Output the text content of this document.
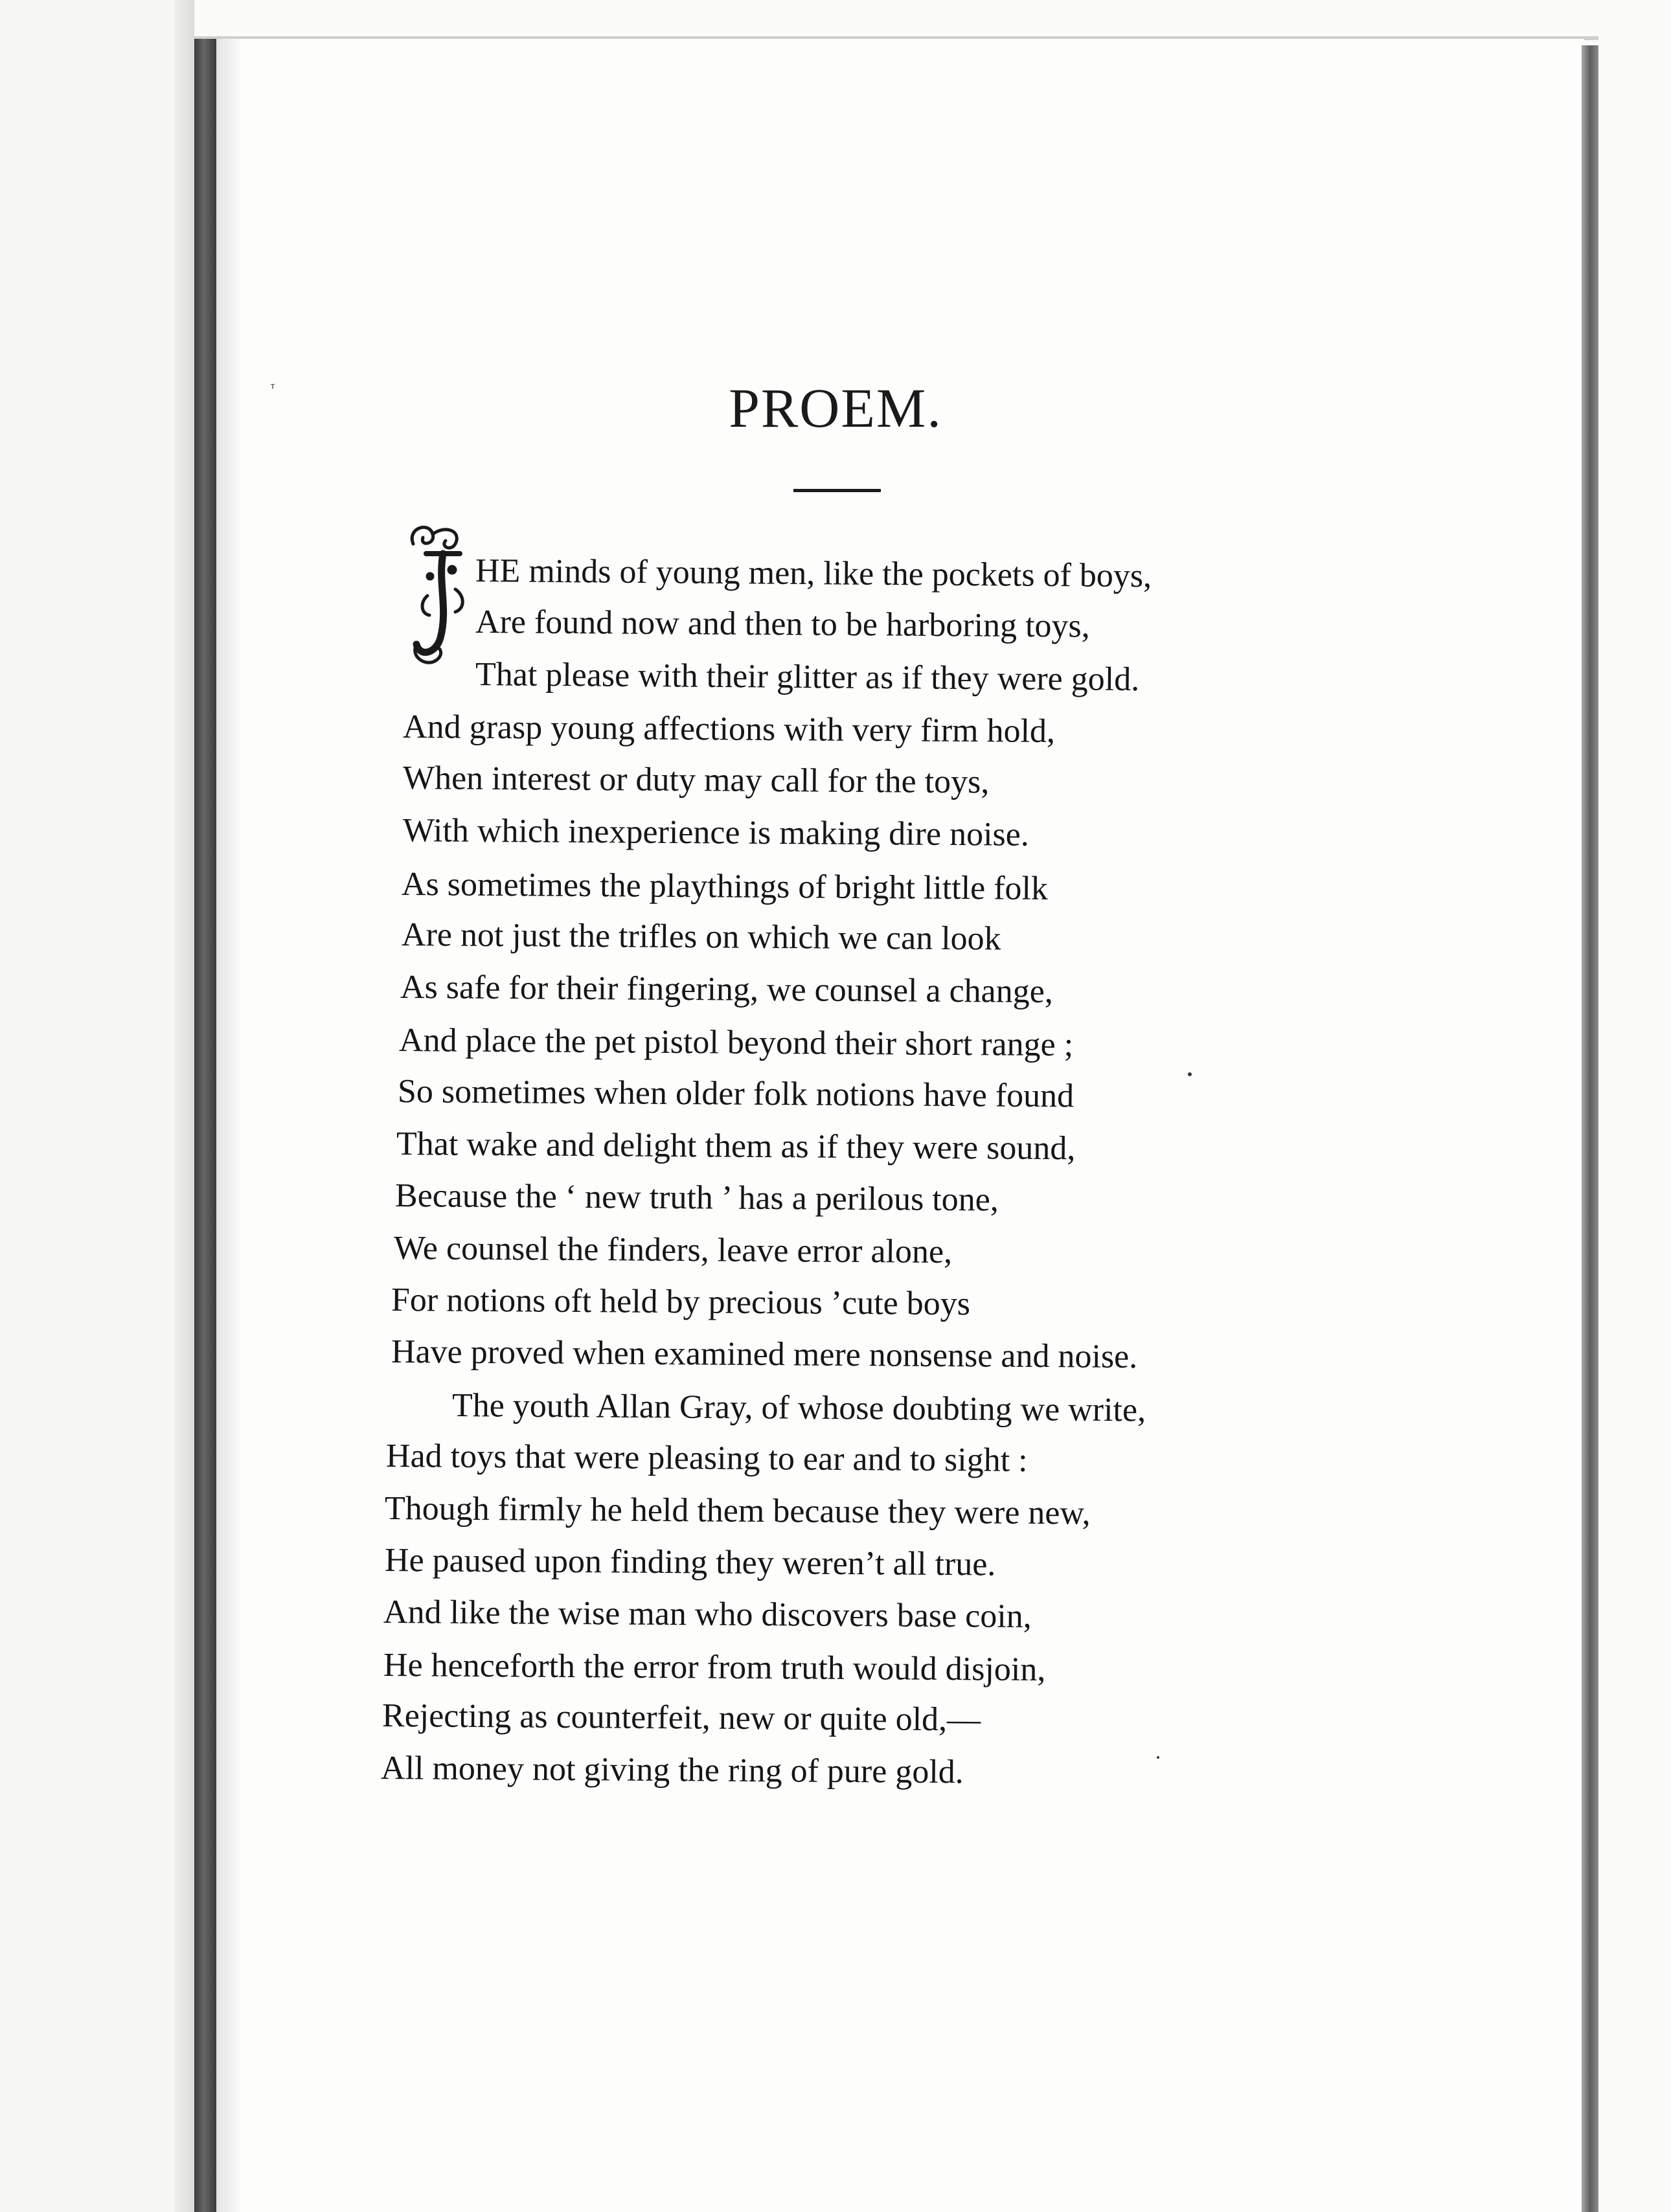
PROEM.
T
HE minds of young men, like the pockets of boys,
Are found now and then to be harboring toys,
That please with their glitter as if they were gold.
And grasp young affections with very firm hold,
When interest or duty may call for the toys,
With which inexperience is making dire noise.
As sometimes the playthings of bright little folk
Are not just the trifles on which we can look
As safe for their fingering, we counsel a change,
And place the pet pistol beyond their short range ;
So sometimes when older folk notions have found
That wake and delight them as if they were sound,
Because the ‘ new truth ’ has a perilous tone,
We counsel the finders, leave error alone,
For notions oft held by precious ’cute boys
Have proved when examined mere nonsense and noise.
The youth Allan Gray, of whose doubting we write,
Had toys that were pleasing to ear and to sight :
Though firmly he held them because they were new,
He paused upon finding they weren’t all true.
And like the wise man who discovers base coin,
He henceforth the error from truth would disjoin,
Rejecting as counterfeit, new or quite old,—
All money not giving the ring of pure gold.
